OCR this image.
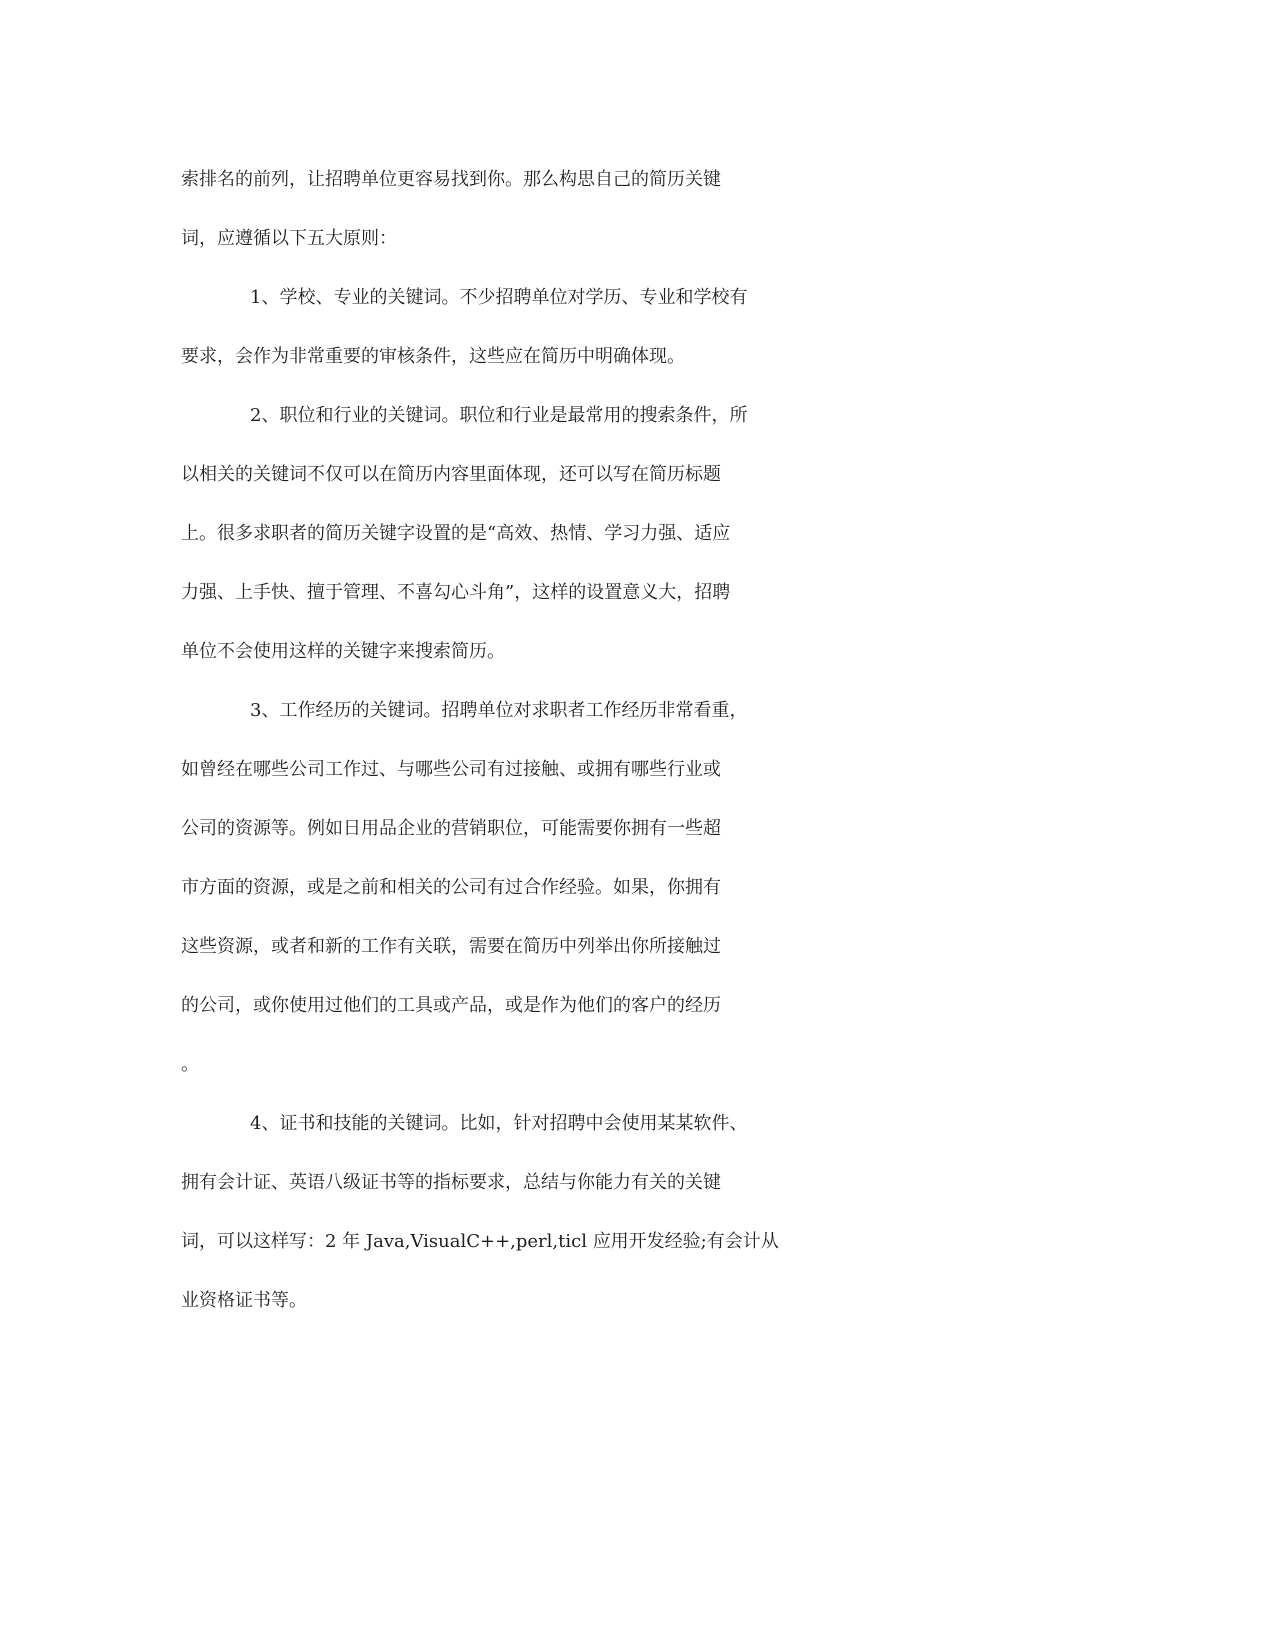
索排名的前列，让招聘单位更容易找到你。那么构思自己的简历关键

词，应遵循以下五大原则：

1、学校、专业的关键词。不少招聘单位对学历、专业和学校有

要求，会作为非常重要的审核条件，这些应在简历中明确体现。

2、职位和行业的关键词。职位和行业是最常用的搜索条件，所

以相关的关键词不仅可以在简历内容里面体现，还可以写在简历标题

上。很多求职者的简历关键字设置的是“高效、热情、学习力强、适应

力强、上手快、擅于管理、不喜勾心斗角”，这样的设置意义大，招聘

单位不会使用这样的关键字来搜索简历。

3、工作经历的关键词。招聘单位对求职者工作经历非常看重，

如曾经在哪些公司工作过、与哪些公司有过接触、或拥有哪些行业或

公司的资源等。例如日用品企业的营销职位，可能需要你拥有一些超

市方面的资源，或是之前和相关的公司有过合作经验。如果，你拥有

这些资源，或者和新的工作有关联，需要在简历中列举出你所接触过

的公司，或你使用过他们的工具或产品，或是作为他们的客户的经历

。

4、证书和技能的关键词。比如，针对招聘中会使用某某软件、

拥有会计证、英语八级证书等的指标要求，总结与你能力有关的关键

词，可以这样写：2 年 Java,VisualC++,perl,ticl 应用开发经验;有会计从

业资格证书等。
